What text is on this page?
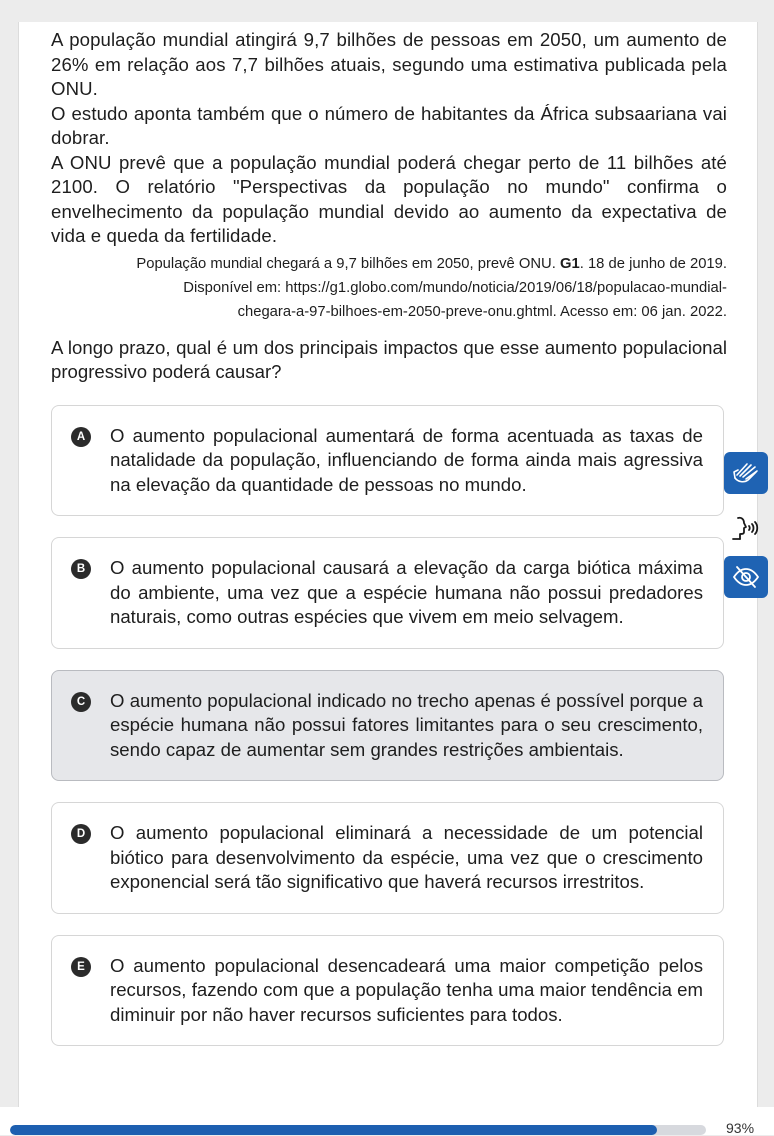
A população mundial atingirá 9,7 bilhões de pessoas em 2050, um aumento de 26% em relação aos 7,7 bilhões atuais, segundo uma estimativa publicada pela ONU.

O estudo aponta também que o número de habitantes da África subsaariana vai dobrar.

A ONU prevê que a população mundial poderá chegar perto de 11 bilhões até 2100. O relatório "Perspectivas da população no mundo" confirma o envelhecimento da população mundial devido ao aumento da expectativa de vida e queda da fertilidade.

População mundial chegará a 9,7 bilhões em 2050, prevê ONU. G1. 18 de junho de 2019.
Disponível em: https://g1.globo.com/mundo/noticia/2019/06/18/populacao-mundial-
chegara-a-97-bilhoes-em-2050-preve-onu.ghtml. Acesso em: 06 jan. 2022.
A longo prazo, qual é um dos principais impactos que esse aumento populacional progressivo poderá causar?
A	O aumento populacional aumentará de forma acentuada as taxas de natalidade da população, influenciando de forma ainda mais agressiva na elevação da quantidade de pessoas no mundo.
B	O aumento populacional causará a elevação da carga biótica máxima do ambiente, uma vez que a espécie humana não possui predadores naturais, como outras espécies que vivem em meio selvagem.
C	O aumento populacional indicado no trecho apenas é possível porque a espécie humana não possui fatores limitantes para o seu crescimento, sendo capaz de aumentar sem grandes restrições ambientais.
D	O aumento populacional eliminará a necessidade de um potencial biótico para desenvolvimento da espécie, uma vez que o crescimento exponencial será tão significativo que haverá recursos irrestritos.
E	O aumento populacional desencadeará uma maior competição pelos recursos, fazendo com que a população tenha uma maior tendência em diminuir por não haver recursos suficientes para todos.
93%
